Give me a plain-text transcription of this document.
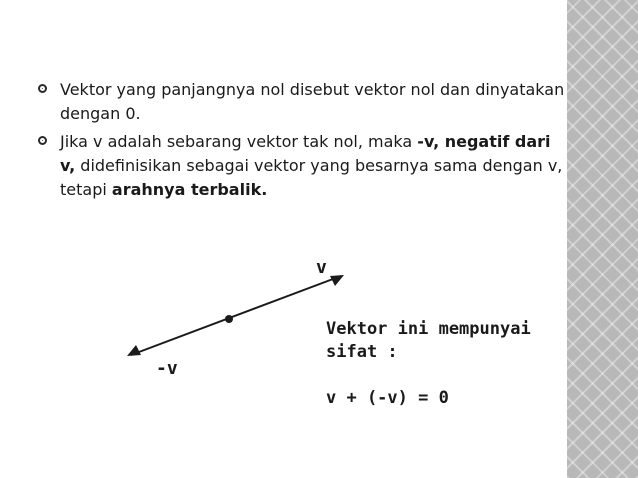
Vektor yang panjangnya nol disebut vektor nol dan dinyatakan dengan 0.
Jika v adalah sebarang vektor tak nol, maka -v, negatif dari v, didefinisikan sebagai vektor yang besarnya sama dengan v, tetapi arahnya terbalik.
v
-v

Vektor ini mempunyai

sifat :

v + (-v) = 0
